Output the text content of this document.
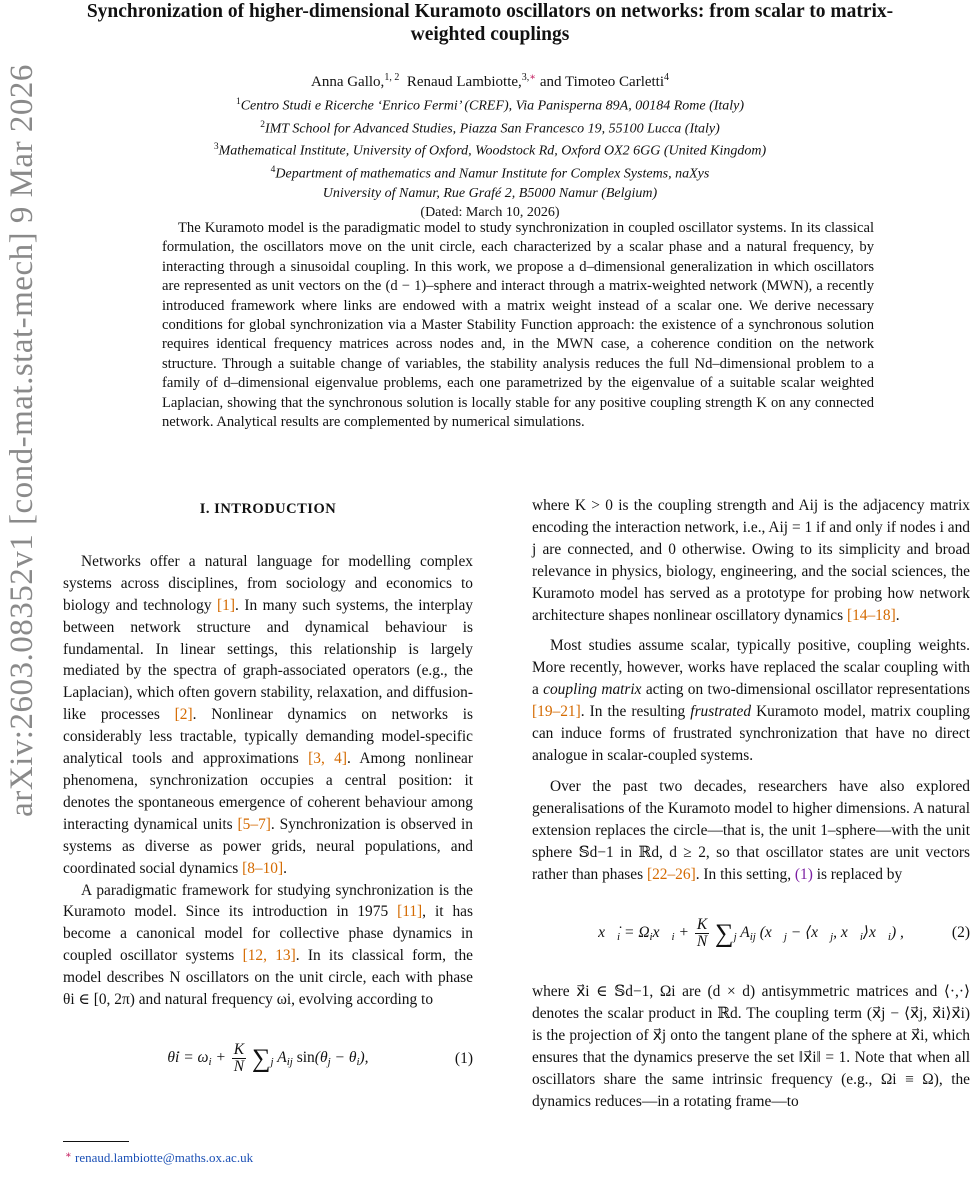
arXiv:2603.08352v1 [cond-mat.stat-mech] 9 Mar 2026
Synchronization of higher-dimensional Kuramoto oscillators on networks: from scalar to matrix-weighted couplings
Anna Gallo,$^{1, 2}$ Renaud Lambiotte,$^{3,∗}$ and Timoteo Carletti$^4$
$^1$Centro Studi e Ricerche ‘Enrico Fermi’ (CREF), Via Panisperna 89A, 00184 Rome (Italy)
$^2$IMT School for Advanced Studies, Piazza San Francesco 19, 55100 Lucca (Italy)
$^3$Mathematical Institute, University of Oxford, Woodstock Rd, Oxford OX2 6GG (United Kingdom)
$^4$Department of mathematics and Namur Institute for Complex Systems, naXys
University of Namur, Rue Grafé 2, B5000 Namur (Belgium)
(Dated: March 10, 2026)
The Kuramoto model is the paradigmatic model to study synchronization in coupled oscillator systems. In its classical formulation, the oscillators move on the unit circle, each characterized by a scalar phase and a natural frequency, by interacting through a sinusoidal coupling. In this work, we propose a d–dimensional generalization in which oscillators are represented as unit vectors on the (d − 1)–sphere and interact through a matrix-weighted network (MWN), a recently introduced framework where links are endowed with a matrix weight instead of a scalar one. We derive necessary conditions for global synchronization via a Master Stability Function approach: the existence of a synchronous solution requires identical frequency matrices across nodes and, in the MWN case, a coherence condition on the network structure. Through a suitable change of variables, the stability analysis reduces the full Nd–dimensional problem to a family of d–dimensional eigenvalue problems, each one parametrized by the eigenvalue of a suitable scalar weighted Laplacian, showing that the synchronous solution is locally stable for any positive coupling strength K on any connected network. Analytical results are complemented by numerical simulations.
I. INTRODUCTION

Networks offer a natural language for modelling complex systems across disciplines, from sociology and economics to biology and technology [1]. In many such systems, the interplay between network structure and dynamical behaviour is fundamental. In linear settings, this relationship is largely mediated by the spectra of graph-associated operators (e.g., the Laplacian), which often govern stability, relaxation, and diffusion-like processes [2]. Nonlinear dynamics on networks is considerably less tractable, typically demanding model-specific analytical tools and approximations [3, 4]. Among nonlinear phenomena, synchronization occupies a central position: it denotes the spontaneous emergence of coherent behaviour among interacting dynamical units [5–7]. Synchronization is observed in systems as diverse as power grids, neural populations, and coordinated social dynamics [8–10].

A paradigmatic framework for studying synchronization is the Kuramoto model. Since its introduction in 1975 [11], it has become a canonical model for collective phase dynamics in coupled oscillator systems [12, 13]. In its classical form, the model describes N oscillators on the unit circle, each with phase θi ∈ [0, 2π) and natural frequency ωi, evolving according to

θ̇i = $\omega_i + \frac{K}{N} \sum_j$ $A_{ij}$ $\sin(\theta_j - \theta_i)$,	(1)

where K > 0 is the coupling strength and Aij is the adjacency matrix encoding the interaction network, i.e., Aij = 1 if and only if nodes i and j are connected, and 0 otherwise. Owing to its simplicity and broad relevance in physics, biology, engineering, and the social sciences, the Kuramoto model has served as a prototype for probing how network architecture shapes nonlinear oscillatory dynamics [14–18].

Most studies assume scalar, typically positive, coupling weights. More recently, however, works have replaced the scalar coupling with a coupling matrix acting on two-dimensional oscillator representations [19–21]. In the resulting frustrated Kuramoto model, matrix coupling can induce forms of frustrated synchronization that have no direct analogue in scalar-coupled systems.

Over the past two decades, researchers have also explored generalisations of the Kuramoto model to higher dimensions. A natural extension replaces the circle—that is, the unit 1–sphere—with the unit sphere 𝕊d−1 in ℝd, d ≥ 2, so that oscillator states are unit vectors rather than phases [22–26]. In this setting, (1) is replaced by

$x⃗̇_i$ = $\Omega_ix⃗_i + \frac{K}{N} \sum_j$ $A_{ij}$ ($x⃗_j$ − $⟨x⃗_j$, $x⃗_i⟩x⃗_i$) ,	(2)

where x⃗i ∈ 𝕊d−1, Ωi are (d × d) antisymmetric matrices and ⟨·,·⟩ denotes the scalar product in ℝd. The coupling term (x⃗j − ⟨x⃗j, x⃗i⟩x⃗i) is the projection of x⃗j onto the tangent plane of the sphere at x⃗i, which ensures that the dynamics preserve the set ‖x⃗i‖ = 1. Note that when all oscillators share the same intrinsic frequency (e.g., Ωi ≡ Ω), the dynamics reduces—in a rotating frame—to

∗ renaud.lambiotte@maths.ox.ac.uk
